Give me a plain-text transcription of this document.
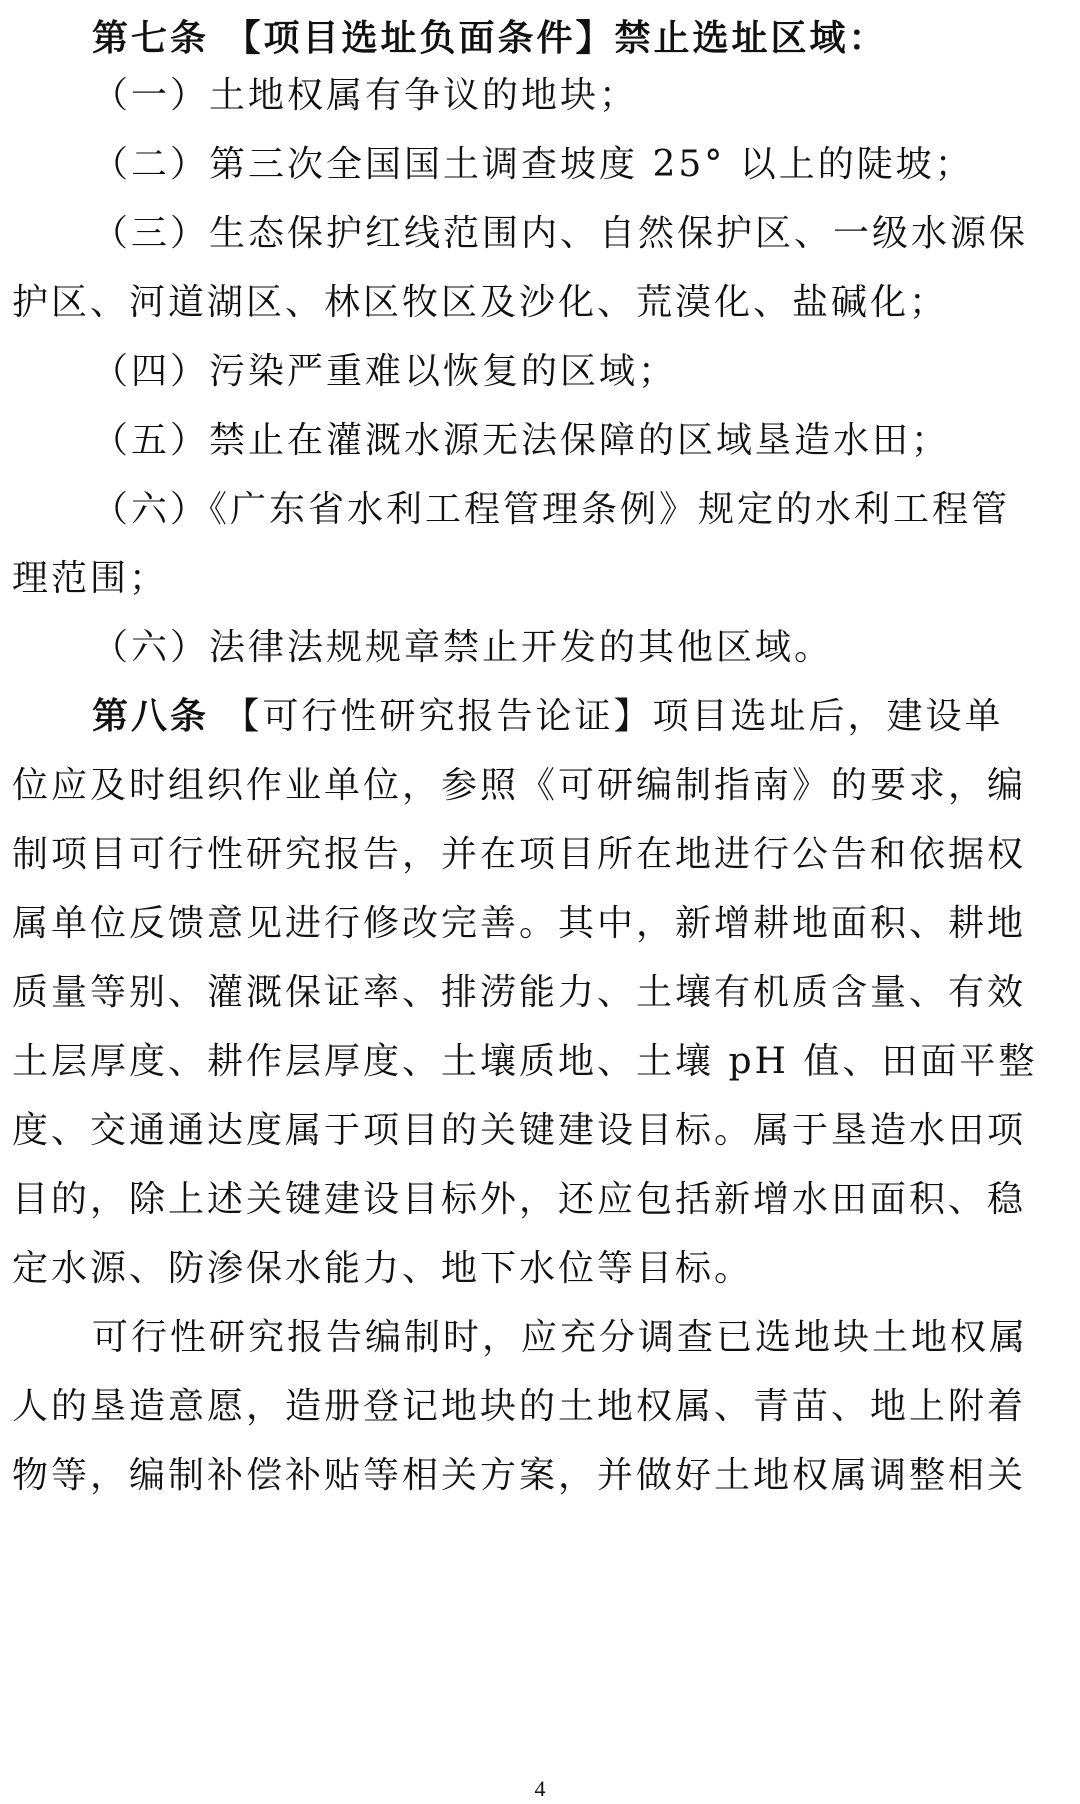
第七条 【项目选址负面条件】禁止选址区域：
（一）土地权属有争议的地块；
（二）第三次全国国土调查坡度 25° 以上的陡坡；
（三）生态保护红线范围内、自然保护区、一级水源保
护区、河道湖区、林区牧区及沙化、荒漠化、盐碱化；
（四）污染严重难以恢复的区域；
（五）禁止在灌溉水源无法保障的区域垦造水田；
（六）《广东省水利工程管理条例》规定的水利工程管
理范围；
（六）法律法规规章禁止开发的其他区域。
第八条 【可行性研究报告论证】项目选址后，建设单
位应及时组织作业单位，参照《可研编制指南》的要求，编
制项目可行性研究报告，并在项目所在地进行公告和依据权
属单位反馈意见进行修改完善。其中，新增耕地面积、耕地
质量等别、灌溉保证率、排涝能力、土壤有机质含量、有效
土层厚度、耕作层厚度、土壤质地、土壤 pH 值、田面平整
度、交通通达度属于项目的关键建设目标。属于垦造水田项
目的，除上述关键建设目标外，还应包括新增水田面积、稳
定水源、防渗保水能力、地下水位等目标。
可行性研究报告编制时，应充分调查已选地块土地权属
人的垦造意愿，造册登记地块的土地权属、青苗、地上附着
物等，编制补偿补贴等相关方案，并做好土地权属调整相关
4
